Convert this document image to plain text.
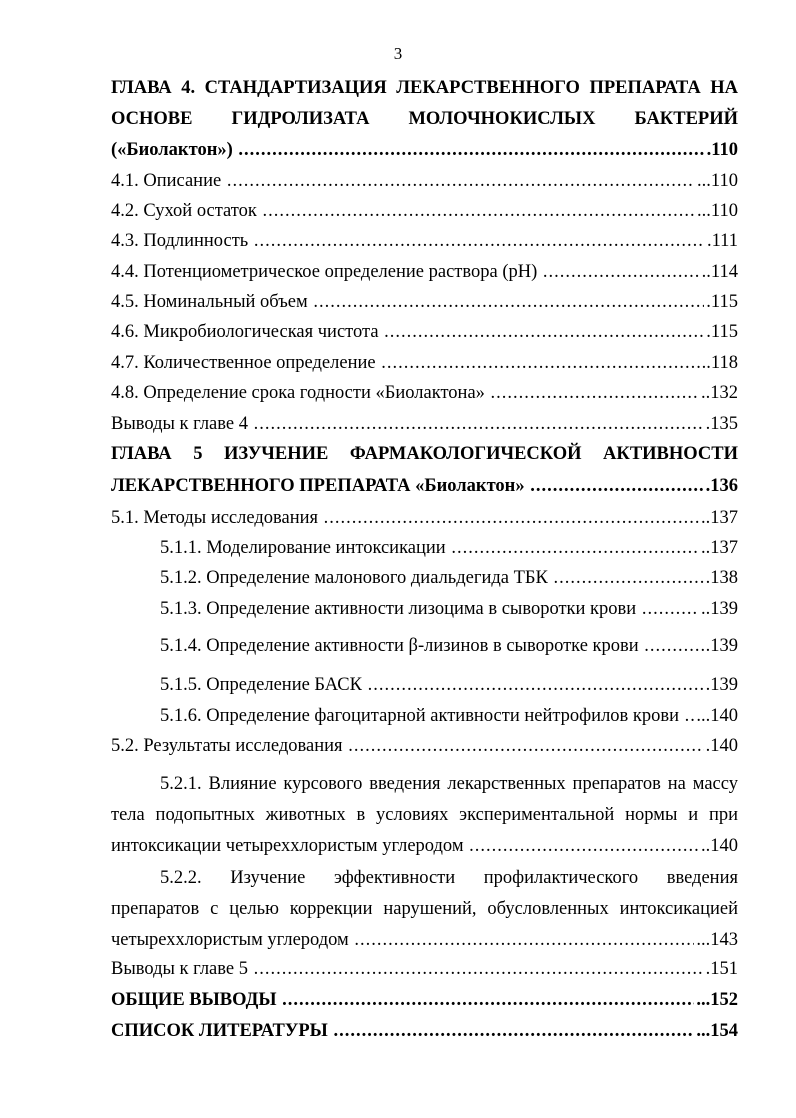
3
ГЛАВА 4. СТАНДАРТИЗАЦИЯ ЛЕКАРСТВЕННОГО ПРЕПАРАТА НА
ОСНОВЕ ГИДРОЛИЗАТА МОЛОЧНОКИСЛЫХ БАКТЕРИЙ
(«Биолактон») .....	.110
4.1. Описание .....	...110
4.2. Сухой остаток .....	...110
4.3. Подлинность .....	.111
4.4. Потенциометрическое определение раствора (рН) .....	..114
4.5. Номинальный объем .....	.115
4.6. Микробиологическая чистота .....	.115
4.7. Количественное определение .....	..118
4.8. Определение срока годности «Биолактона» .....	..132
Выводы к главе 4 .....	.135
ГЛАВА 5 ИЗУЧЕНИЕ ФАРМАКОЛОГИЧЕСКОЙ АКТИВНОСТИ
ЛЕКАРСТВЕННОГО ПРЕПАРАТА «Биолактон» .....	.136
5.1. Методы исследования .....	..137
5.1.1. Моделирование интоксикации .....	..137
5.1.2. Определение малонового диальдегида ТБК .....	.138
5.1.3. Определение активности лизоцима в сыворотки крови .....	..139
5.1.4. Определение активности β-лизинов в сыворотке крови .....	.139
5.1.5. Определение БАСК .....	.139
5.1.6. Определение фагоцитарной активности нейтрофилов крови ..... ...140
5.2. Результаты исследования .....	.140
5.2.1. Влияние курсового введения лекарственных препаратов на массу
тела подопытных животных в условиях экспериментальной нормы и при
интоксикации четыреххлористым углеродом .....	..140
5.2.2. Изучение эффективности профилактического введения
препаратов с целью коррекции нарушений, обусловленных интоксикацией
четыреххлористым углеродом .....	...143
Выводы к главе 5 .....	.151
ОБЩИЕ ВЫВОДЫ .....	...152
СПИСОК ЛИТЕРАТУРЫ .....	...154
